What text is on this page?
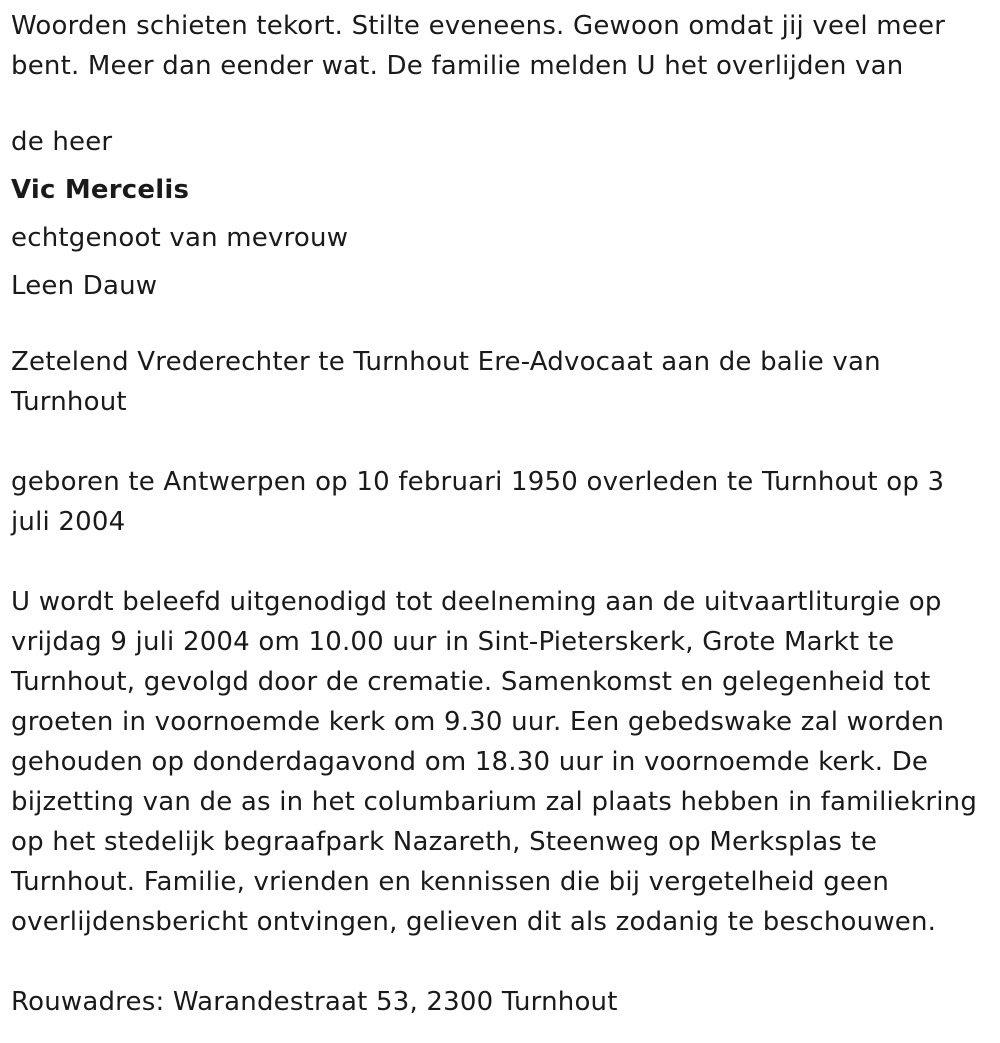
Woorden schieten tekort. Stilte eveneens. Gewoon omdat jij veel meer bent. Meer dan eender wat. De familie melden U het overlijden van

de heer
Vic Mercelis
echtgenoot van mevrouw
Leen Dauw

Zetelend Vrederechter te Turnhout Ere-Advocaat aan de balie van Turnhout

geboren te Antwerpen op 10 februari 1950 overleden te Turnhout op 3 juli 2004

U wordt beleefd uitgenodigd tot deelneming aan de uitvaartliturgie op vrijdag 9 juli 2004 om 10.00 uur in Sint-Pieterskerk, Grote Markt te Turnhout, gevolgd door de crematie. Samenkomst en gelegenheid tot groeten in voornoemde kerk om 9.30 uur. Een gebedswake zal worden gehouden op donderdagavond om 18.30 uur in voornoemde kerk. De bijzetting van de as in het columbarium zal plaats hebben in familiekring op het stedelijk begraafpark Nazareth, Steenweg op Merksplas te Turnhout. Familie, vrienden en kennissen die bij vergetelheid geen overlijdensbericht ontvingen, gelieven dit als zodanig te beschouwen.

Rouwadres: Warandestraat 53, 2300 Turnhout
